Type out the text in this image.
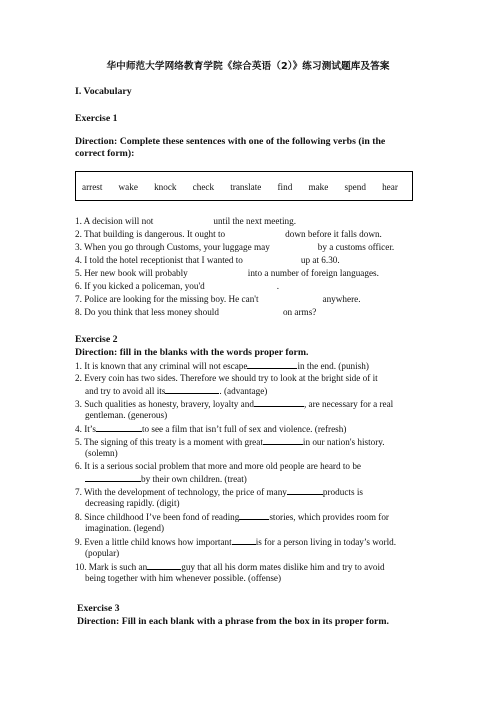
华中师范大学网络教育学院《综合英语（2）》练习测试题库及答案
I. Vocabulary
Exercise 1
Direction: Complete these sentences with one of the following verbs (in the
correct form):
arrest wake knock check translate find make spend hear
1. A decision will not	until the next meeting.
2. That building is dangerous. It ought to	down before it falls down.
3. When you go through Customs, your luggage may	by a customs officer.
4. I told the hotel receptionist that I wanted to	up at 6.30.
5. Her new book will probably	into a number of foreign languages.
6. If you kicked a policeman, you'd	.
7. Police are looking for the missing boy. He can't	anywhere.
8. Do you think that less money should	on arms?
Exercise 2
Direction: fill in the blanks with the words proper form.
1. It is known that any criminal will not escape	in the end. (punish)
2. Every coin has two sides. Therefore we should try to look at the bright side of it
and try to avoid all its	. (advantage)
3. Such qualities as honesty, bravery, loyalty and	, are necessary for a real
gentleman. (generous)
4. It’s	to see a film that isn’t full of sex and violence. (refresh)
5. The signing of this treaty is a moment with great	in our nation's history.
(solemn)
6. It is a serious social problem that more and more old people are heard to be
by their own children. (treat)
7. With the development of technology, the price of many	products is
decreasing rapidly. (digit)
8. Since childhood I’ve been fond of reading	stories, which provides room for
imagination. (legend)
9. Even a little child knows how important	is for a person living in today’s world.
(popular)
10. Mark is such an	guy that all his dorm mates dislike him and try to avoid
being together with him whenever possible. (offense)
Exercise 3
Direction: Fill in each blank with a phrase from the box in its proper form.
